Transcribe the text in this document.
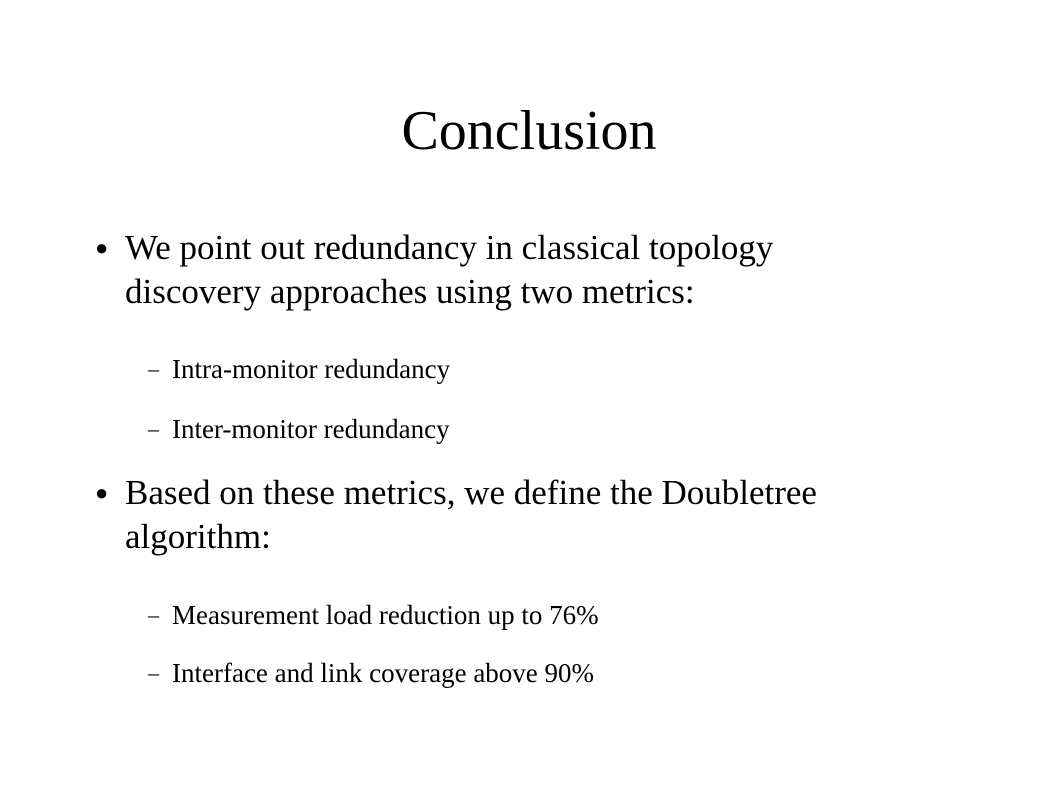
Conclusion
● We point out redundancy in classical topology
discovery approaches using two metrics:
– Intra-monitor redundancy
– Inter-monitor redundancy
● Based on these metrics, we define the Doubletree
algorithm:
– Measurement load reduction up to 76%
– Interface and link coverage above 90%
